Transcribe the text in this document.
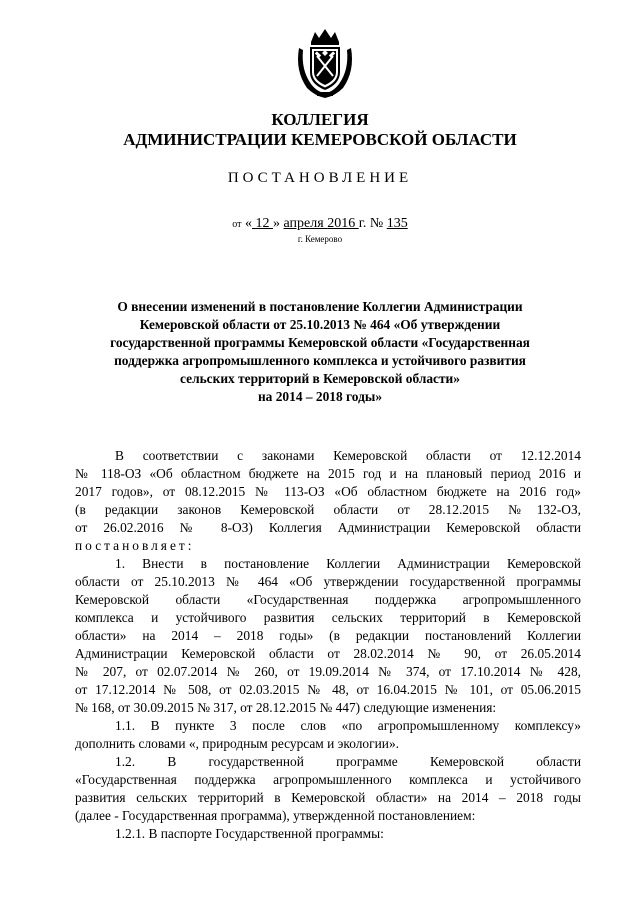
КОЛЛЕГИЯ
АДМИНИСТРАЦИИ КЕМЕРОВСКОЙ ОБЛАСТИ
ПОСТАНОВЛЕНИЕ
от « 12 » апреля 2016 г. № 135
г. Кемерово
О внесении изменений в постановление Коллегии Администрации
Кемеровской области от 25.10.2013 № 464 «Об утверждении
государственной программы Кемеровской области «Государственная
поддержка агропромышленного комплекса и устойчивого развития
сельских территорий в Кемеровской области»
на 2014 – 2018 годы»
В соответствии с законами Кемеровской области от 12.12.2014
№ 118-ОЗ «Об областном бюджете на 2015 год и на плановый период 2016 и
2017 годов», от 08.12.2015 № 113-ОЗ «Об областном бюджете на 2016 год»
(в редакции законов Кемеровской области от 28.12.2015 №132-ОЗ,
от 26.02.2016 № 8-ОЗ) Коллегия Администрации Кемеровской области
постановляет:
1. Внести в постановление Коллегии Администрации Кемеровской
области от 25.10.2013 № 464 «Об утверждении государственной программы
Кемеровской области «Государственная поддержка агропромышленного
комплекса и устойчивого развития сельских территорий в Кемеровской
области» на 2014 – 2018 годы» (в редакции постановлений Коллегии
Администрации Кемеровской области от 28.02.2014 № 90, от 26.05.2014
№ 207, от 02.07.2014 № 260, от 19.09.2014 № 374, от 17.10.2014 № 428,
от 17.12.2014 № 508, от 02.03.2015 № 48, от 16.04.2015 № 101, от 05.06.2015
№ 168, от 30.09.2015 № 317, от 28.12.2015 № 447) следующие изменения:
1.1. В пункте 3 после слов «по агропромышленному комплексу»
дополнить словами «, природным ресурсам и экологии».
1.2. В государственной программе Кемеровской области
«Государственная поддержка агропромышленного комплекса и устойчивого
развития сельских территорий в Кемеровской области» на 2014 – 2018 годы
(далее - Государственная программа), утвержденной постановлением:
1.2.1. В паспорте Государственной программы:
